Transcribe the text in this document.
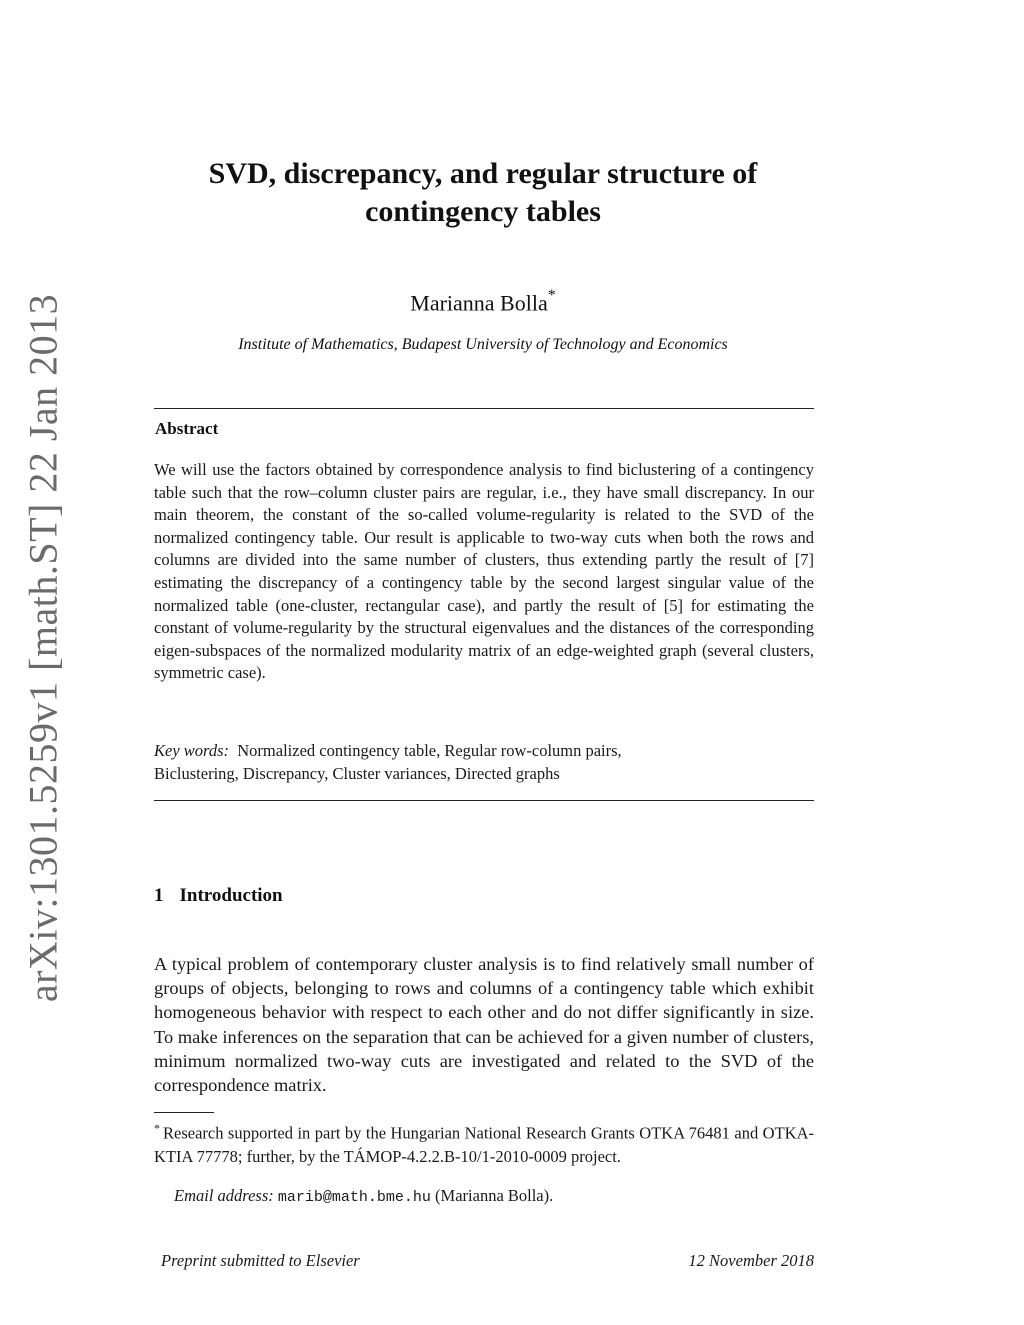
arXiv:1301.5259v1 [math.ST] 22 Jan 2013
SVD, discrepancy, and regular structure of
contingency tables
Marianna Bolla*
Institute of Mathematics, Budapest University of Technology and Economics
Abstract
We will use the factors obtained by correspondence analysis to find biclustering of a contingency table such that the row–column cluster pairs are regular, i.e., they have small discrepancy. In our main theorem, the constant of the so-called volume-regularity is related to the SVD of the normalized contingency table. Our result is applicable to two-way cuts when both the rows and columns are divided into the same number of clusters, thus extending partly the result of [7] estimating the discrepancy of a contingency table by the second largest singular value of the normalized table (one-cluster, rectangular case), and partly the result of [5] for estimating the constant of volume-regularity by the structural eigenvalues and the distances of the corresponding eigen-subspaces of the normalized modularity matrix of an edge-weighted graph (several clusters, symmetric case).
Key words: Normalized contingency table, Regular row-column pairs,
Biclustering, Discrepancy, Cluster variances, Directed graphs
1 Introduction
A typical problem of contemporary cluster analysis is to find relatively small number of groups of objects, belonging to rows and columns of a contingency table which exhibit homogeneous behavior with respect to each other and do not differ significantly in size. To make inferences on the separation that can be achieved for a given number of clusters, minimum normalized two-way cuts are investigated and related to the SVD of the correspondence matrix.
* Research supported in part by the Hungarian National Research Grants OTKA 76481 and OTKA-KTIA 77778; further, by the TÁMOP-4.2.2.B-10/1-2010-0009 project.
Email address: marib@math.bme.hu (Marianna Bolla).
Preprint submitted to Elsevier	12 November 2018
